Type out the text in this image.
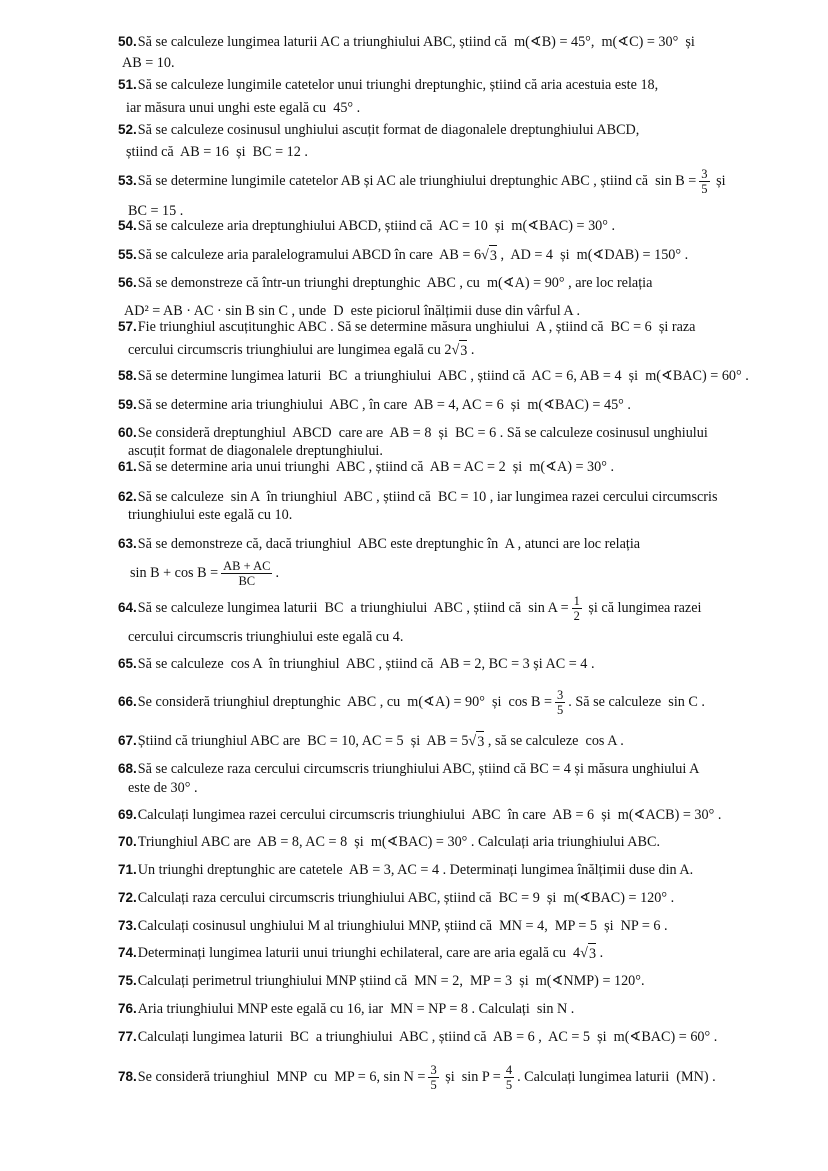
50. Să se calculeze lungimea laturii AC a triunghiului ABC, știind că  m(∢B) = 45°,  m(∢C) = 30°  și
AB = 10.
51. Să se calculeze lungimile catetelor unui triunghi dreptunghic, știind că aria acestuia este 18,
iar măsura unui unghi este egală cu  45° .
52. Să se calculeze cosinusul unghiului ascuțit format de diagonalele dreptunghiului ABCD,
știind că  AB = 16  și  BC = 12 .
53. Să se determine lungimile catetelor AB și AC ale triunghiului dreptunghic ABC , știind că  $\sin B = \frac{3}{5}$ și
BC = 15 .
54. Să se calculeze aria dreptunghiului ABCD, știind că  AC = 10  și  m(∢BAC) = 30° .
55. Să se calculeze aria paralelogramului ABCD în care  AB = 6 √ 3 ,  AD = 4  și  m(∢DAB) = 150° .
56. Să se demonstreze că într-un triunghi dreptunghic  ABC , cu  m(∢A) = 90° , are loc relația
AD² = AB · AC · sin B sin C , unde  D  este piciorul înălțimii duse din vârful A .
57. Fie triunghiul ascuțitunghic ABC . Să se determine măsura unghiului  A , știind că  BC = 6  și raza
cercului circumscris triunghiului are lungimea egală cu 2 √ 3 .
58. Să se determine lungimea laturii  BC  a triunghiului  ABC , știind că  AC = 6, AB = 4  și  m(∢BAC) = 60° .
59. Să se determine aria triunghiului  ABC , în care  AB = 4, AC = 6  și  m(∢BAC) = 45° .
60. Se consideră dreptunghiul  ABCD  care are  AB = 8  și  BC = 6 . Să se calculeze cosinusul unghiului
ascuțit format de diagonalele dreptunghiului.
61. Să se determine aria unui triunghi  ABC , știind că  AB = AC = 2  și  m(∢A) = 30° .
62. Să se calculeze  sin A  în triunghiul  ABC , știind că  BC = 10 , iar lungimea razei cercului circumscris
triunghiului este egală cu 10.
63. Să se demonstreze că, dacă triunghiul  ABC este dreptunghic în  A , atunci are loc relația
$\sin B + \cos B = \frac{AB + AC}{BC}$ .
64. Să se calculeze lungimea laturii  BC  a triunghiului  ABC , știind că  $\sin A = \frac{1}{2}$ și că lungimea razei
cercului circumscris triunghiului este egală cu 4.
65. Să se calculeze  cos A  în triunghiul  ABC , știind că  AB = 2, BC = 3 și AC = 4 .
66. Se consideră triunghiul dreptunghic  ABC , cu  m(∢A) = 90°  și  $\cos B = \frac{3}{5}$ . Să se calculeze  sin C .
67. Știind că triunghiul ABC are  BC = 10, AC = 5  și  AB = 5 √ 3 , să se calculeze  cos A .
68. Să se calculeze raza cercului circumscris triunghiului ABC, știind că BC = 4 și măsura unghiului A
este de 30° .
69. Calculați lungimea razei cercului circumscris triunghiului  ABC  în care  AB = 6  și  m(∢ACB) = 30° .
70. Triunghiul ABC are  AB = 8, AC = 8  și  m(∢BAC) = 30° . Calculați aria triunghiului ABC.
71. Un triunghi dreptunghic are catetele  AB = 3, AC = 4 . Determinați lungimea înălțimii duse din A.
72. Calculați raza cercului circumscris triunghiului ABC, știind că  BC = 9  și  m(∢BAC) = 120° .
73. Calculați cosinusul unghiului M al triunghiului MNP, știind că  MN = 4,  MP = 5  și  NP = 6 .
74. Determinați lungimea laturii unui triunghi echilateral, care are aria egală cu  4 √ 3 .
75. Calculați perimetrul triunghiului MNP știind că  MN = 2,  MP = 3  și  m(∢NMP) = 120°.
76. Aria triunghiului MNP este egală cu 16, iar  MN = NP = 8 . Calculați  sin N .
77. Calculați lungimea laturii  BC  a triunghiului  ABC , știind că  AB = 6 ,  AC = 5  și  m(∢BAC) = 60° .
78. Se consideră triunghiul  MNP  cu  MP = 6, $\sin N = \frac{3}{5}$ și  $\sin P = \frac{4}{5}$ . Calculați lungimea laturii  (MN) .
